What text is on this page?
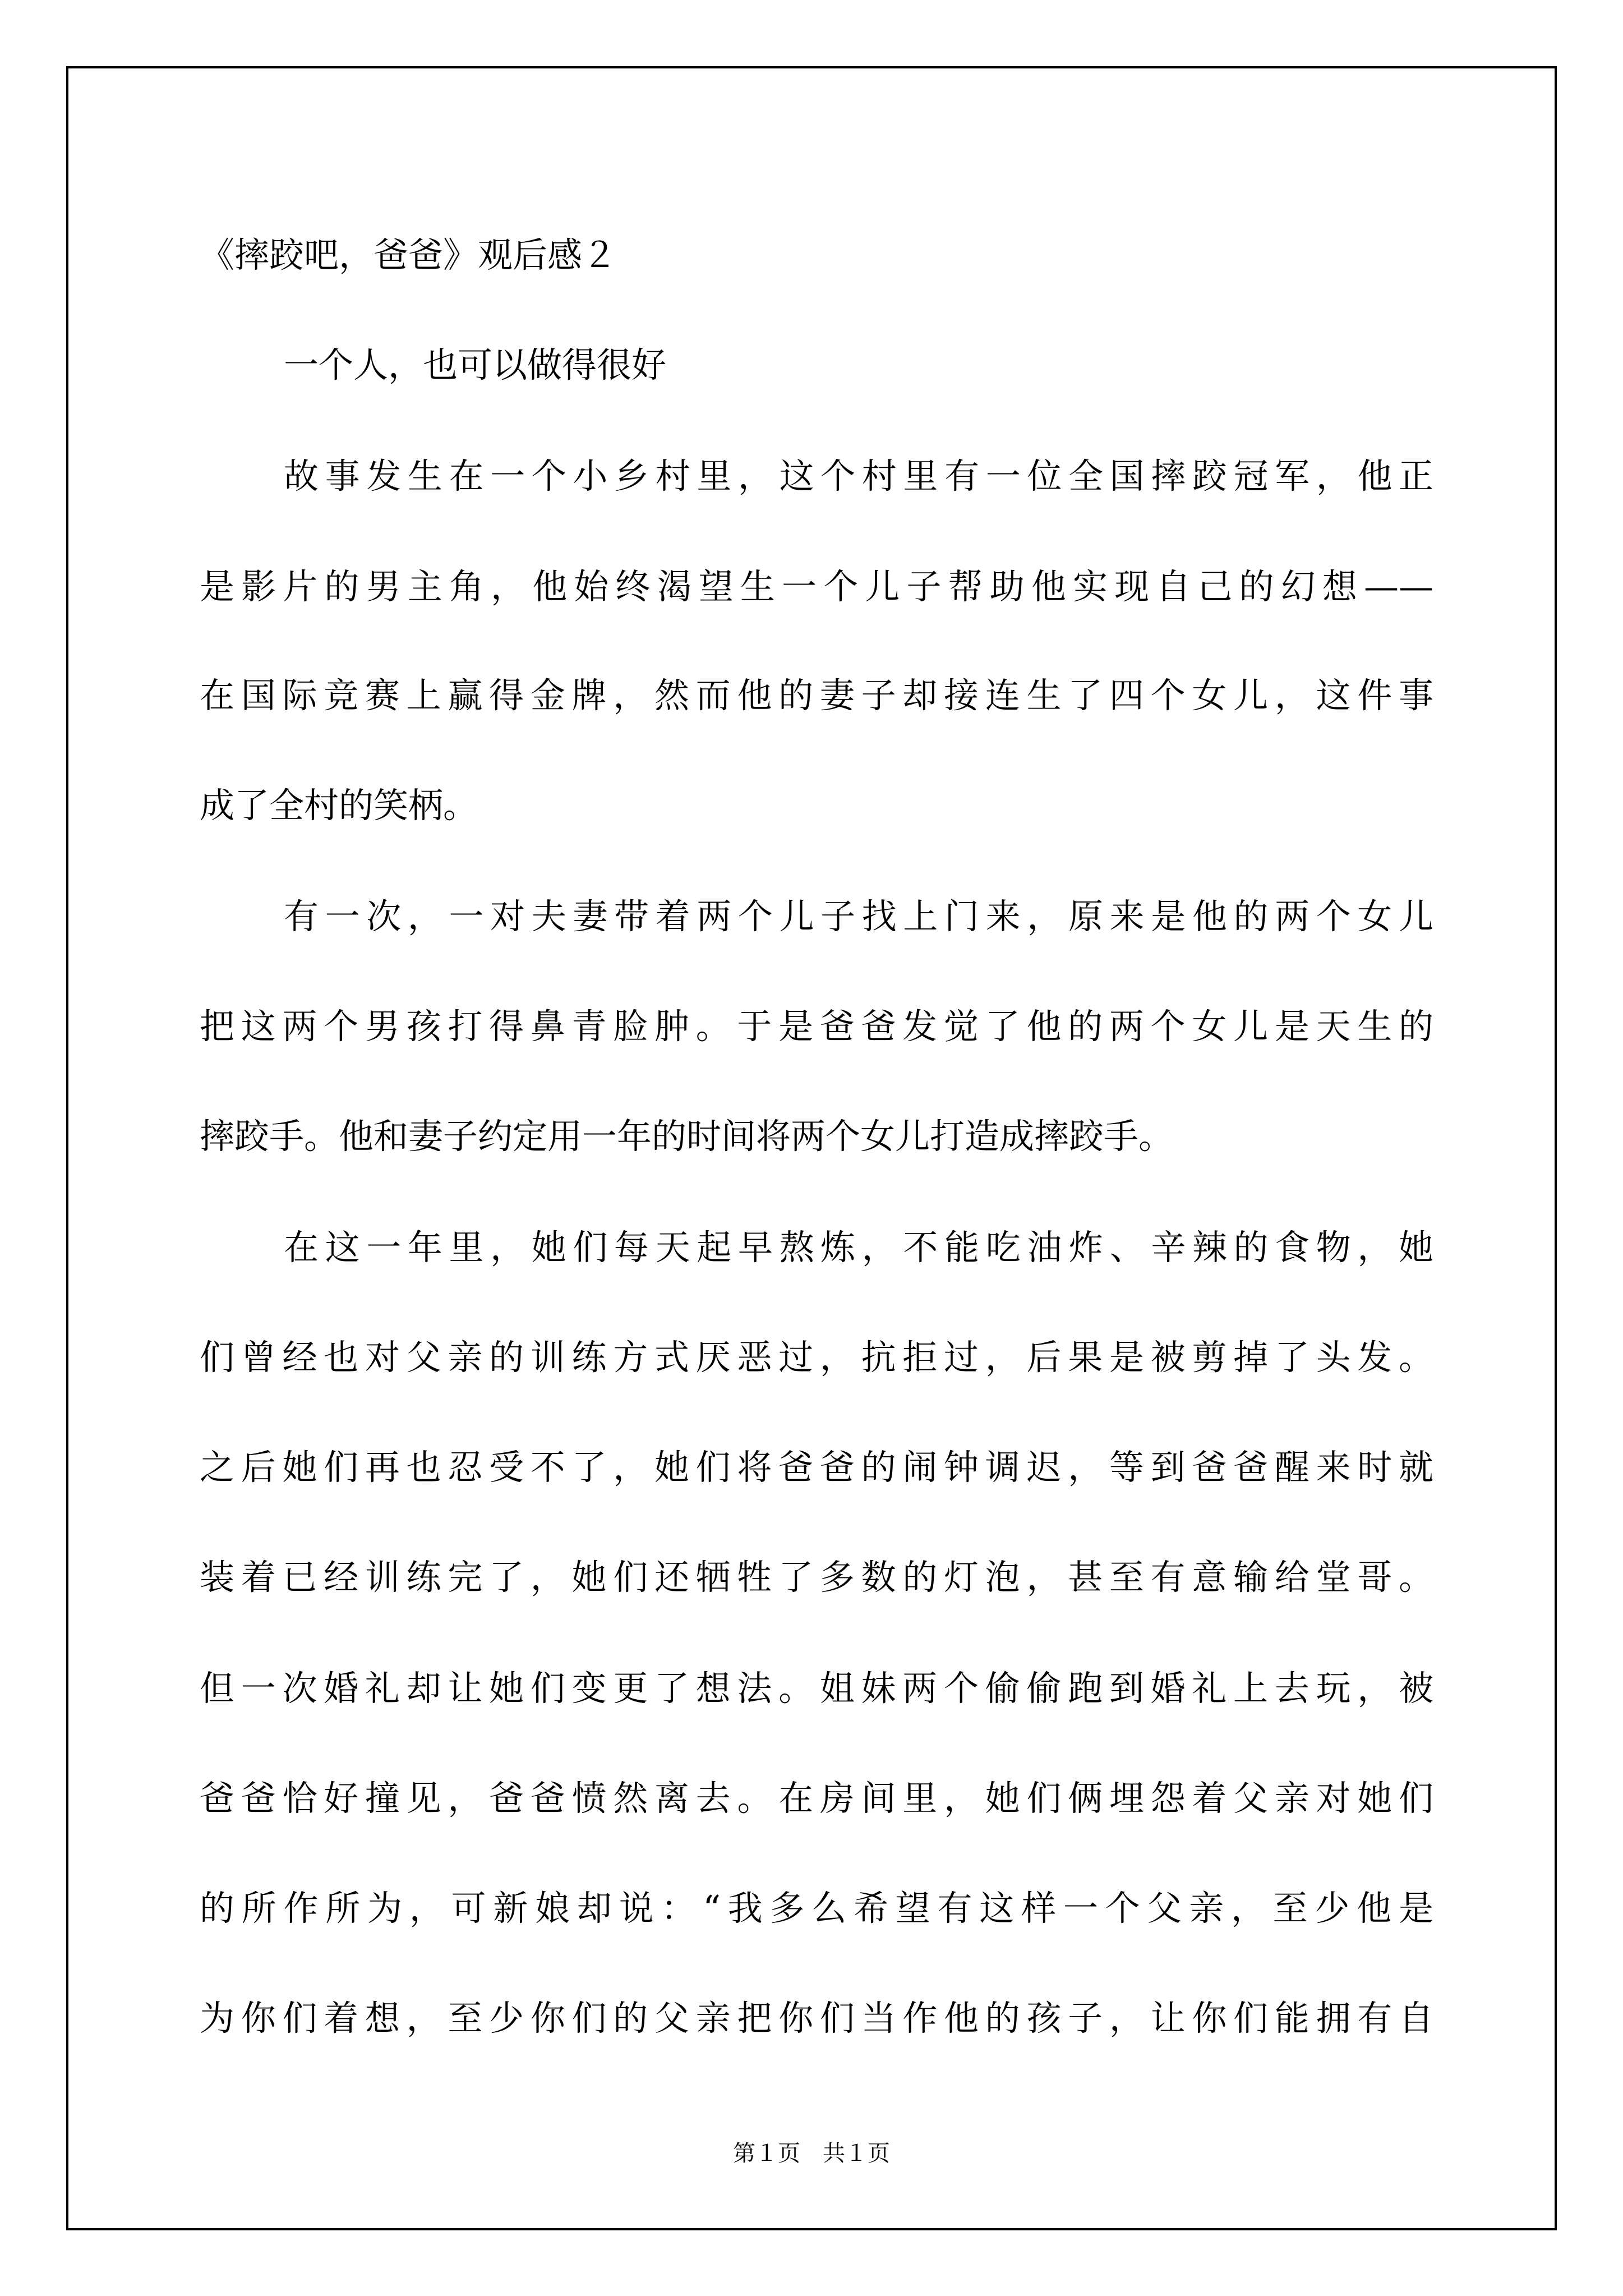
《摔跤吧，爸爸》观后感２
一个人，也可以做得很好
故事发生在一个小乡村里，这个村里有一位全国摔跤冠军，他正
是影片的男主角，他始终渴望生一个儿子帮助他实现自己的幻想——
在国际竞赛上赢得金牌，然而他的妻子却接连生了四个女儿，这件事
成了全村的笑柄。
有一次，一对夫妻带着两个儿子找上门来，原来是他的两个女儿
把这两个男孩打得鼻青脸肿。于是爸爸发觉了他的两个女儿是天生的
摔跤手。他和妻子约定用一年的时间将两个女儿打造成摔跤手。
在这一年里，她们每天起早熬炼，不能吃油炸、辛辣的食物，她
们曾经也对父亲的训练方式厌恶过，抗拒过，后果是被剪掉了头发。
之后她们再也忍受不了，她们将爸爸的闹钟调迟，等到爸爸醒来时就
装着已经训练完了，她们还牺牲了多数的灯泡，甚至有意输给堂哥。
但一次婚礼却让她们变更了想法。姐妹两个偷偷跑到婚礼上去玩，被
爸爸恰好撞见，爸爸愤然离去。在房间里，她们俩埋怨着父亲对她们
的所作所为，可新娘却说：“我多么希望有这样一个父亲，至少他是
为你们着想，至少你们的父亲把你们当作他的孩子，让你们能拥有自
第１页　共１页
